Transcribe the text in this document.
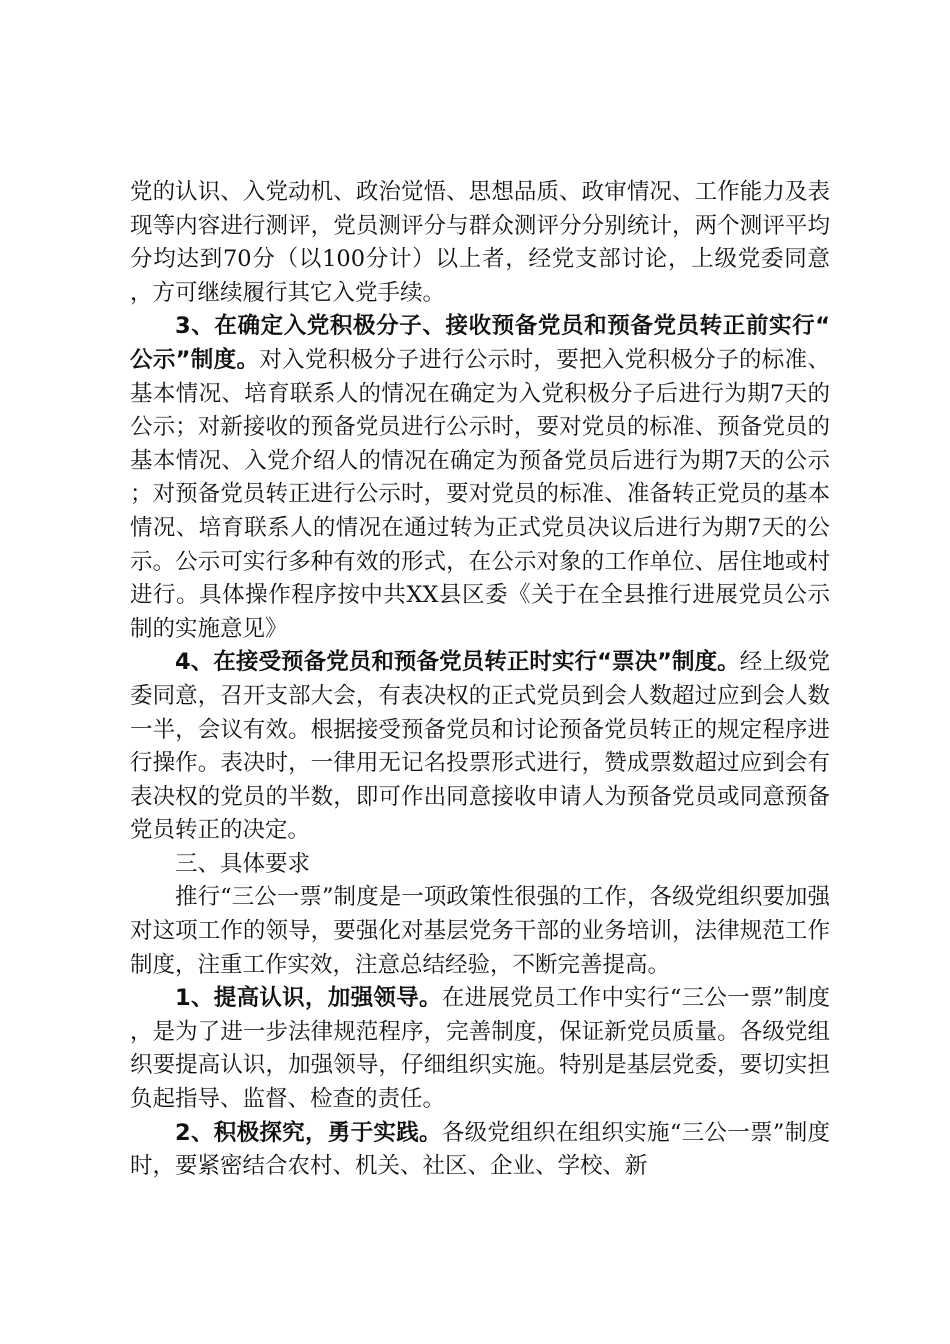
党的认识、入党动机、政治觉悟、思想品质、政审情况、工作能力及表现等内容进行测评，党员测评分与群众测评分分别统计，两个测评平均分均达到70分（以100分计）以上者，经党支部讨论，上级党委同意，方可继续履行其它入党手续。

3、在确定入党积极分子、接收预备党员和预备党员转正前实行“公示”制度。对入党积极分子进行公示时，要把入党积极分子的标准、基本情况、培育联系人的情况在确定为入党积极分子后进行为期7天的公示；对新接收的预备党员进行公示时，要对党员的标准、预备党员的基本情况、入党介绍人的情况在确定为预备党员后进行为期7天的公示；对预备党员转正进行公示时，要对党员的标准、准备转正党员的基本情况、培育联系人的情况在通过转为正式党员决议后进行为期7天的公示。公示可实行多种有效的形式，在公示对象的工作单位、居住地或村进行。具体操作程序按中共XX县区委《关于在全县推行进展党员公示制的实施意见》

4、在接受预备党员和预备党员转正时实行“票决”制度。经上级党委同意，召开支部大会，有表决权的正式党员到会人数超过应到会人数一半，会议有效。根据接受预备党员和讨论预备党员转正的规定程序进行操作。表决时，一律用无记名投票形式进行，赞成票数超过应到会有表决权的党员的半数，即可作出同意接收申请人为预备党员或同意预备党员转正的决定。

三、具体要求

推行“三公一票”制度是一项政策性很强的工作，各级党组织要加强对这项工作的领导，要强化对基层党务干部的业务培训，法律规范工作制度，注重工作实效，注意总结经验，不断完善提高。

1、提高认识，加强领导。在进展党员工作中实行“三公一票”制度，是为了进一步法律规范程序，完善制度，保证新党员质量。各级党组织要提高认识，加强领导，仔细组织实施。特别是基层党委，要切实担负起指导、监督、检查的责任。

2、积极探究，勇于实践。各级党组织在组织实施“三公一票”制度时，要紧密结合农村、机关、社区、企业、学校、新
